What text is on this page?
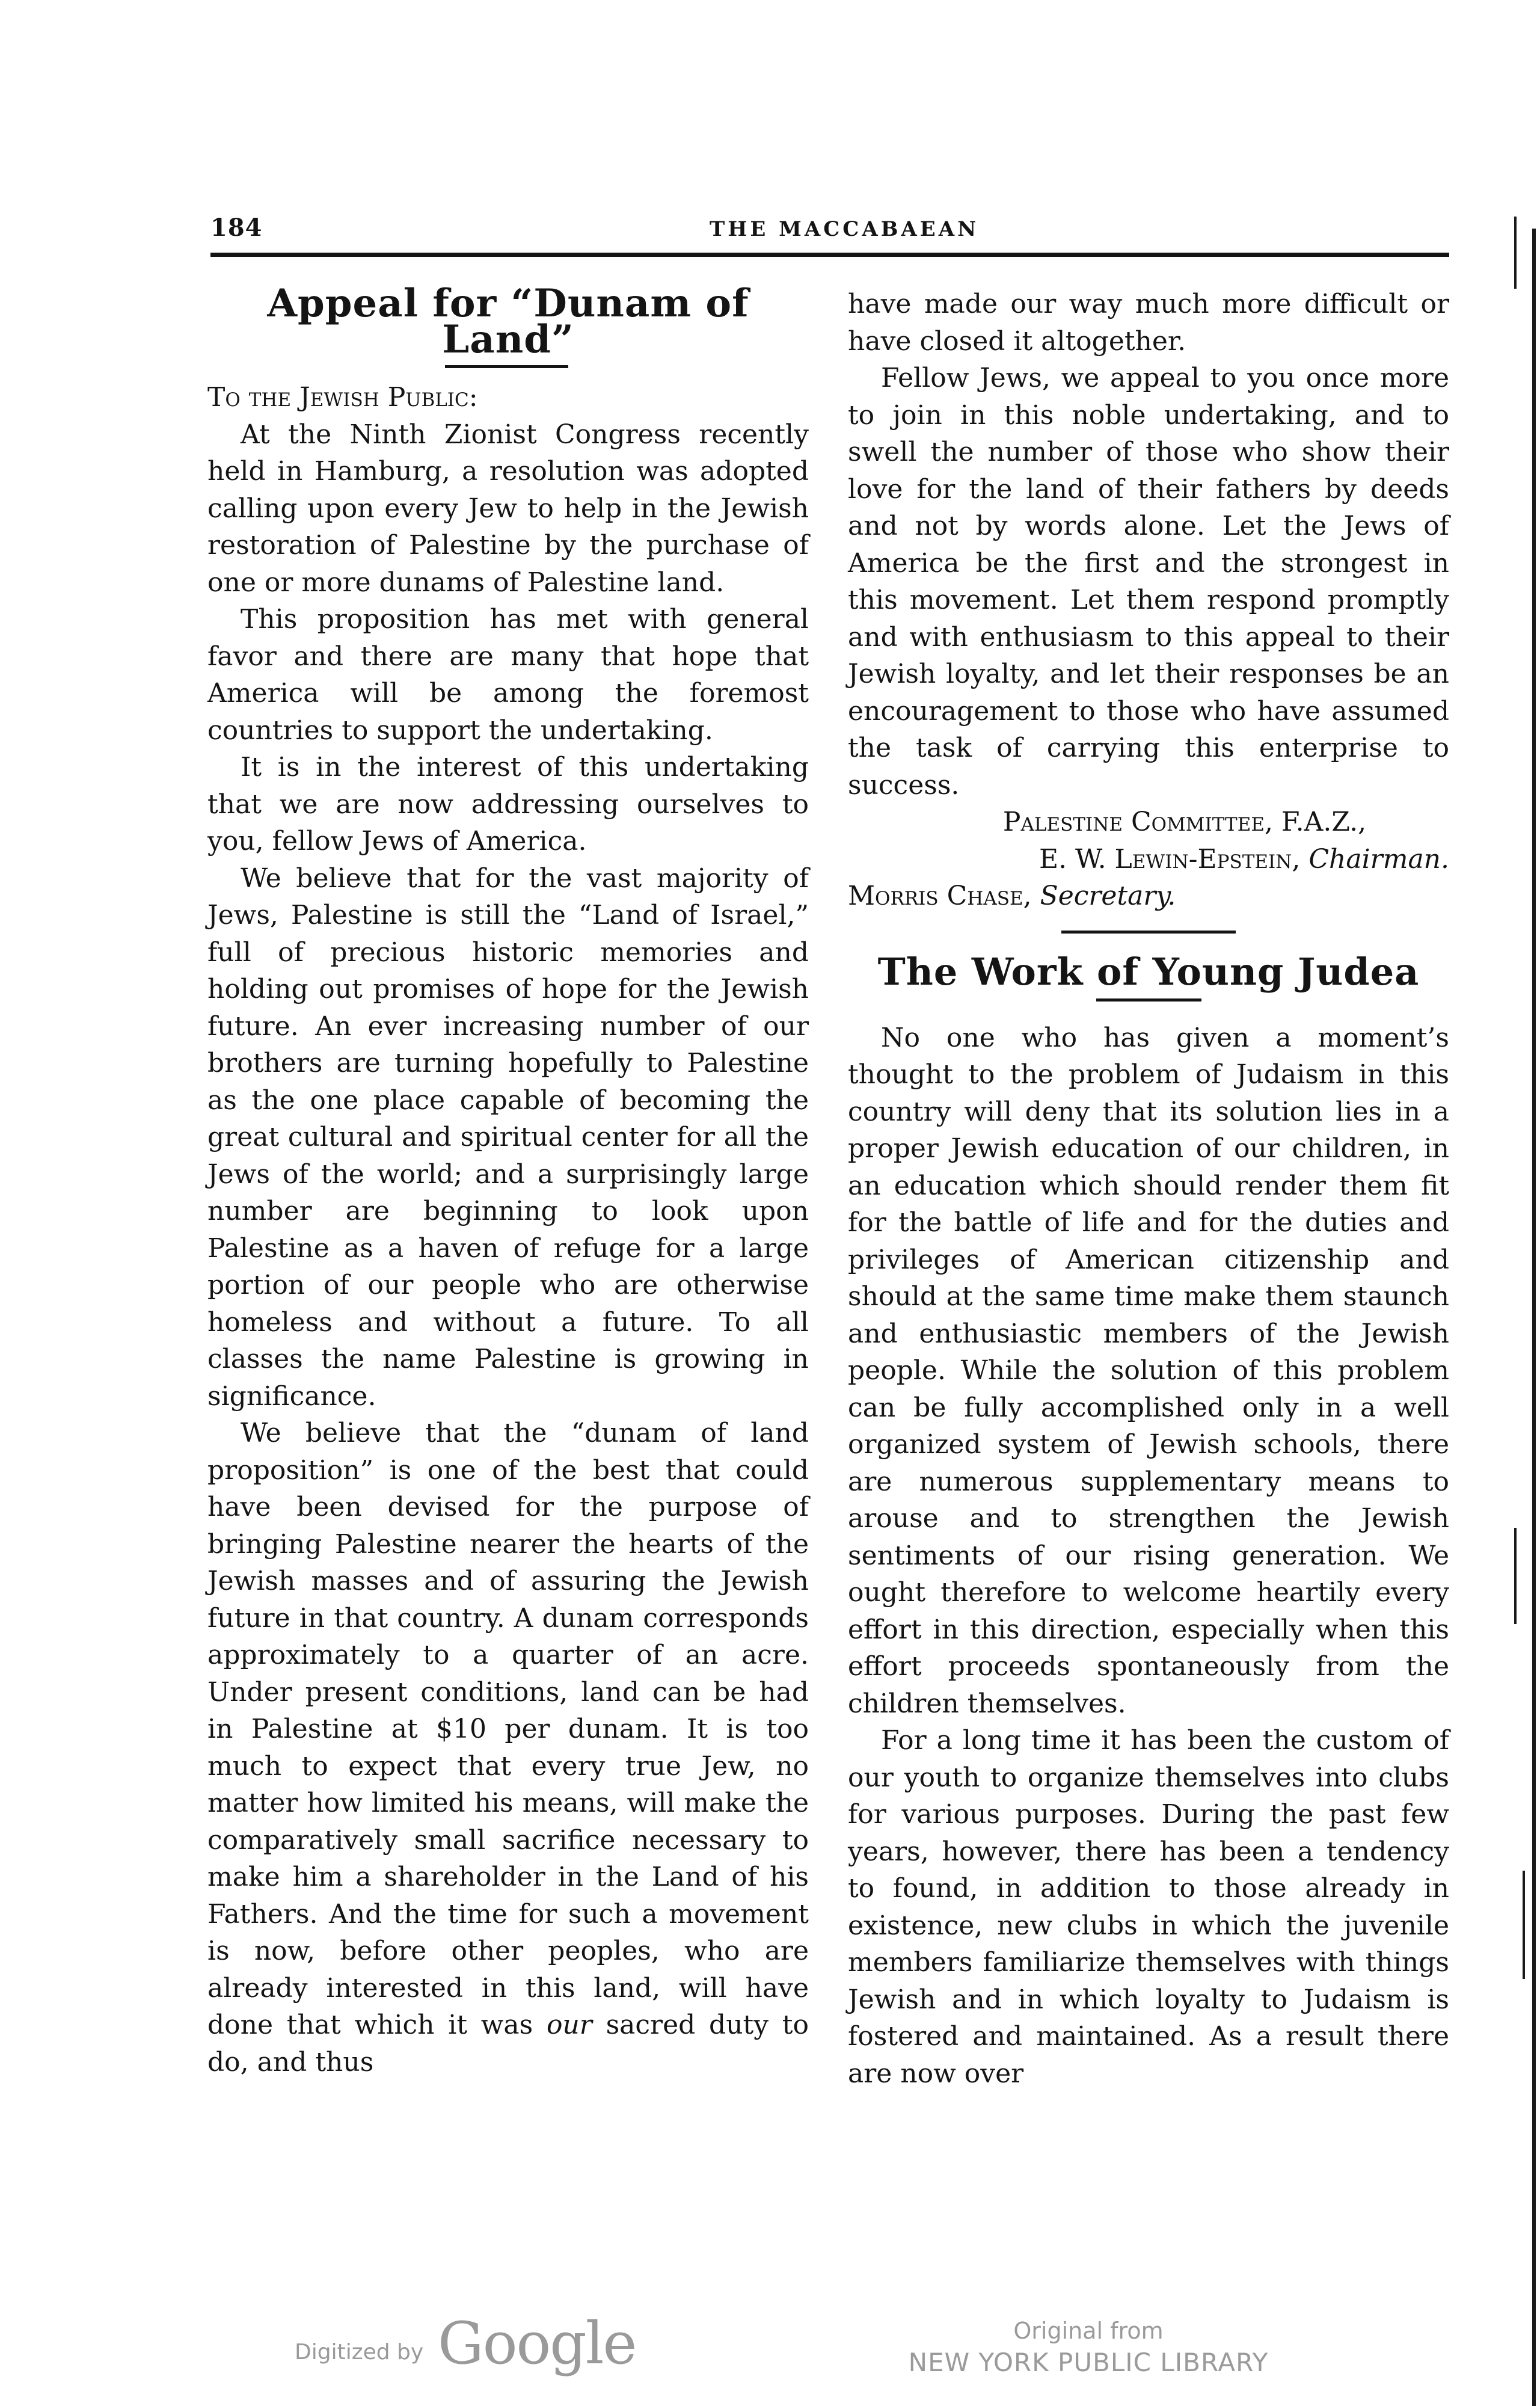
184	THE MACCABAEAN
Appeal for “Dunam of
Land”

To the Jewish Public:

At the Ninth Zionist Congress recently held in Hamburg, a resolution was adopted calling upon every Jew to help in the Jewish restoration of Palestine by the purchase of one or more dunams of Palestine land.

This proposition has met with general favor and there are many that hope that America will be among the foremost countries to support the undertaking.

It is in the interest of this undertaking that we are now addressing ourselves to you, fellow Jews of America.

We believe that for the vast majority of Jews, Palestine is still the “Land of Israel,” full of precious historic memories and holding out promises of hope for the Jewish future. An ever increasing number of our brothers are turning hopefully to Palestine as the one place capable of becoming the great cultural and spiritual center for all the Jews of the world; and a surprisingly large number are beginning to look upon Palestine as a haven of refuge for a large portion of our people who are otherwise homeless and without a future. To all classes the name Palestine is growing in significance.

We believe that the “dunam of land proposition” is one of the best that could have been devised for the purpose of bringing Palestine nearer the hearts of the Jewish masses and of assuring the Jewish future in that country. A dunam corresponds approximately to a quarter of an acre. Under present conditions, land can be had in Palestine at $10 per dunam. It is too much to expect that every true Jew, no matter how limited his means, will make the comparatively small sacrifice necessary to make him a shareholder in the Land of his Fathers. And the time for such a movement is now, before other peoples, who are already interested in this land, will have done that which it was our sacred duty to do, and thus

have made our way much more difficult or have closed it altogether.

Fellow Jews, we appeal to you once more to join in this noble undertaking, and to swell the number of those who show their love for the land of their fathers by deeds and not by words alone. Let the Jews of America be the first and the strongest in this movement. Let them respond promptly and with enthusiasm to this appeal to their Jewish loyalty, and let their responses be an encouragement to those who have assumed the task of carrying this enterprise to success.

Palestine Committee, F.A.Z.,

E. W. Lewin-Epstein, Chairman.

Morris Chase, Secretary.

The Work of Young Judea

No one who has given a moment’s thought to the problem of Judaism in this country will deny that its solution lies in a proper Jewish education of our children, in an education which should render them fit for the battle of life and for the duties and privileges of American citizenship and should at the same time make them staunch and enthusiastic members of the Jewish people. While the solution of this problem can be fully accomplished only in a well organized system of Jewish schools, there are numerous supplementary means to arouse and to strengthen the Jewish sentiments of our rising generation. We ought therefore to welcome heartily every effort in this direction, especially when this effort proceeds spontaneously from the children themselves.

For a long time it has been the custom of our youth to organize themselves into clubs for various purposes. During the past few years, however, there has been a tendency to found, in addition to those already in existence, new clubs in which the juvenile members familiarize themselves with things Jewish and in which loyalty to Judaism is fostered and maintained. As a result there are now over

Digitized by Google	Original from
NEW YORK PUBLIC LIBRARY
